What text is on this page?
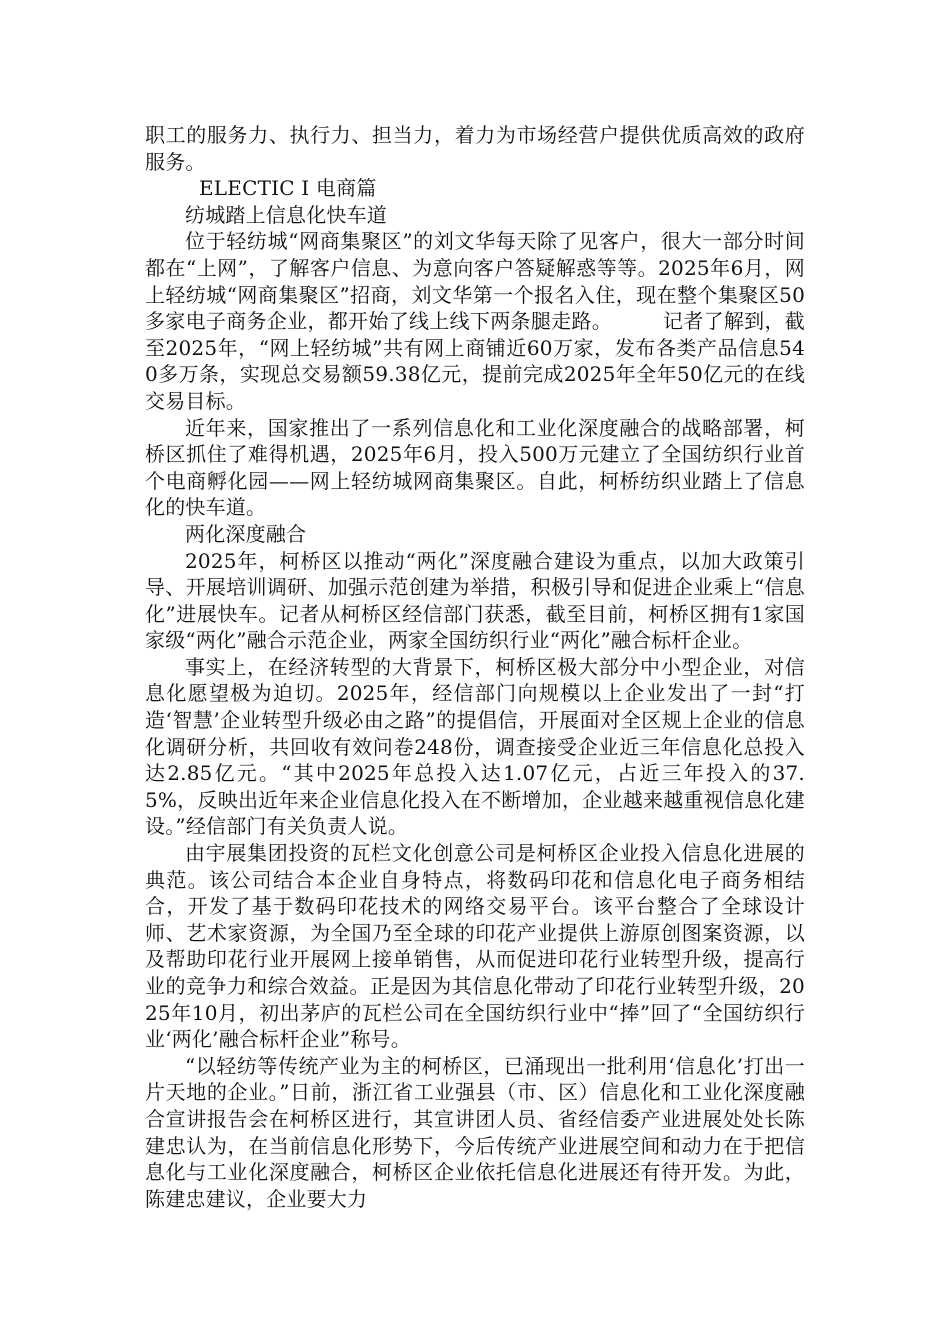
职工的服务力、执行力、担当力，着力为市场经营户提供优质高效的政府服务。

ELECTIC I 电商篇

纺城踏上信息化快车道

位于轻纺城“网商集聚区”的刘文华每天除了见客户，很大一部分时间都在“上网”，了解客户信息、为意向客户答疑解惑等等。2025年6月，网上轻纺城“网商集聚区”招商，刘文华第一个报名入住，现在整个集聚区50多家电子商务企业，都开始了线上线下两条腿走路。　　　记者了解到，截至2025年，“网上轻纺城”共有网上商铺近60万家，发布各类产品信息540多万条，实现总交易额59.38亿元，提前完成2025年全年50亿元的在线交易目标。

近年来，国家推出了一系列信息化和工业化深度融合的战略部署，柯桥区抓住了难得机遇，2025年6月，投入500万元建立了全国纺织行业首个电商孵化园——网上轻纺城网商集聚区。自此，柯桥纺织业踏上了信息化的快车道。

两化深度融合

2025年，柯桥区以推动“两化”深度融合建设为重点，以加大政策引导、开展培训调研、加强示范创建为举措，积极引导和促进企业乘上“信息化”进展快车。记者从柯桥区经信部门获悉，截至目前，柯桥区拥有1家国家级“两化”融合示范企业，两家全国纺织行业“两化”融合标杆企业。

事实上，在经济转型的大背景下，柯桥区极大部分中小型企业，对信息化愿望极为迫切。2025年，经信部门向规模以上企业发出了一封“打造‘智慧’企业转型升级必由之路”的提倡信，开展面对全区规上企业的信息化调研分析，共回收有效问卷248份，调查接受企业近三年信息化总投入达2.85亿元。“其中2025年总投入达1.07亿元，占近三年投入的37.5%，反映出近年来企业信息化投入在不断增加，企业越来越重视信息化建设。”经信部门有关负责人说。

由宇展集团投资的瓦栏文化创意公司是柯桥区企业投入信息化进展的典范。该公司结合本企业自身特点，将数码印花和信息化电子商务相结合，开发了基于数码印花技术的网络交易平台。该平台整合了全球设计师、艺术家资源，为全国乃至全球的印花产业提供上游原创图案资源，以及帮助印花行业开展网上接单销售，从而促进印花行业转型升级，提高行业的竞争力和综合效益。正是因为其信息化带动了印花行业转型升级，2025年10月，初出茅庐的瓦栏公司在全国纺织行业中“捧”回了“全国纺织行业‘两化’融合标杆企业”称号。

“以轻纺等传统产业为主的柯桥区，已涌现出一批利用‘信息化’打出一片天地的企业。”日前，浙江省工业强县（市、区）信息化和工业化深度融合宣讲报告会在柯桥区进行，其宣讲团人员、省经信委产业进展处处长陈建忠认为，在当前信息化形势下，今后传统产业进展空间和动力在于把信息化与工业化深度融合，柯桥区企业依托信息化进展还有待开发。为此，陈建忠建议，企业要大力
